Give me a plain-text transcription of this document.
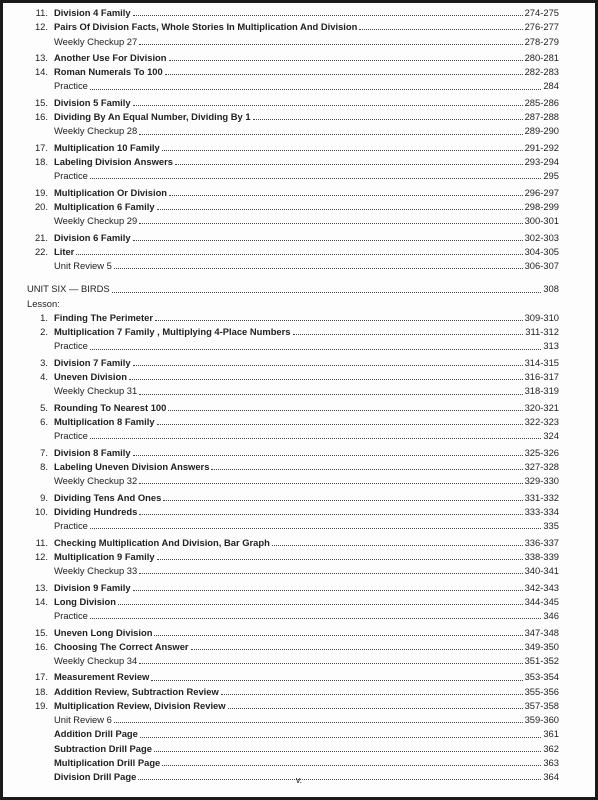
11. Division 4 Family	274-275
12. Pairs Of Division Facts, Whole Stories In Multiplication And Division	276-277
Weekly Checkup 27	278-279
13. Another Use For Division	280-281
14. Roman Numerals To 100	282-283
Practice	284
15. Division 5 Family	285-286
16. Dividing By An Equal Number, Dividing By 1	287-288
Weekly Checkup 28	289-290
17. Multiplication 10 Family	291-292
18. Labeling Division Answers	293-294
Practice	295
19. Multiplication Or Division	296-297
20. Multiplication 6 Family	298-299
Weekly Checkup 29	300-301
21. Division 6 Family	302-303
22. Liter	304-305
Unit Review 5	306-307
UNIT SIX — BIRDS	308
Lesson:
1. Finding The Perimeter	309-310
2. Multiplication 7 Family , Multiplying 4-Place Numbers	311-312
Practice	313
3. Division 7 Family	314-315
4. Uneven Division	316-317
Weekly Checkup 31	318-319
5. Rounding To Nearest 100	320-321
6. Multiplication 8 Family	322-323
Practice	324
7. Division 8 Family	325-326
8. Labeling Uneven Division Answers	327-328
Weekly Checkup 32	329-330
9. Dividing Tens And Ones	331-332
10. Dividing Hundreds	333-334
Practice	335
11. Checking Multiplication And Division, Bar Graph	336-337
12. Multiplication 9 Family	338-339
Weekly Checkup 33	340-341
13. Division 9 Family	342-343
14. Long Division	344-345
Practice	346
15. Uneven Long Division	347-348
16. Choosing The Correct Answer	349-350
Weekly Checkup 34	351-352
17. Measurement Review	353-354
18. Addition Review, Subtraction Review	355-356
19. Multiplication Review, Division Review	357-358
Unit Review 6	359-360
Addition Drill Page	361
Subtraction Drill Page	362
Multiplication Drill Page	363
Division Drill Page	364
v.
